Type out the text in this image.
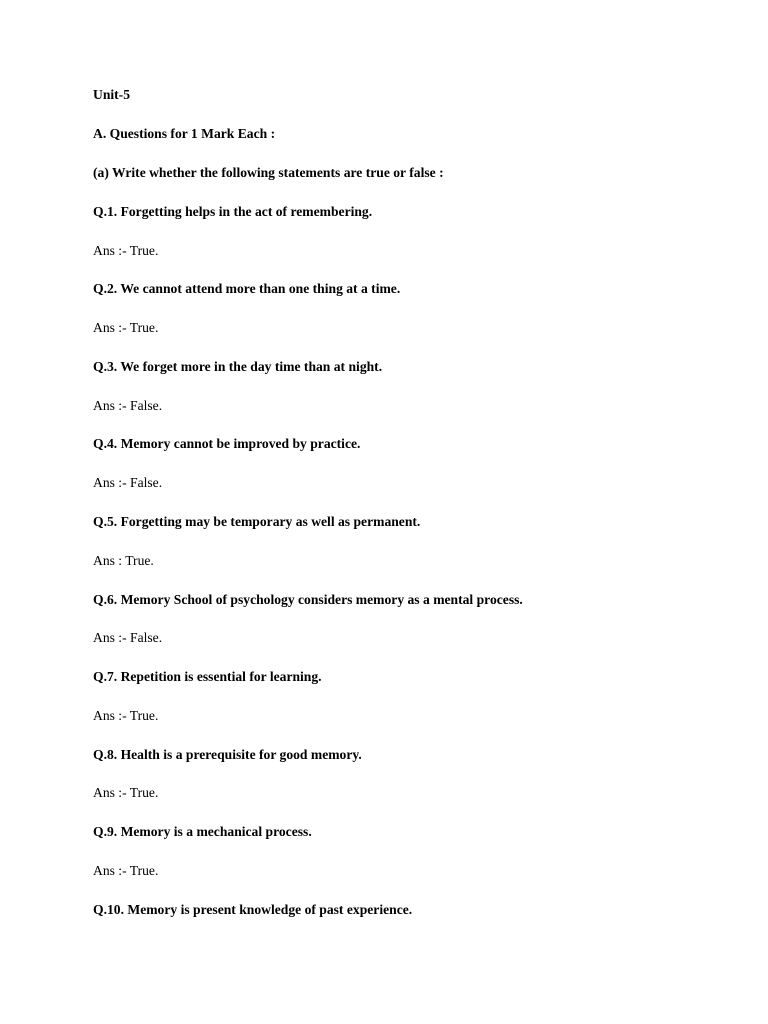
Unit-5
A. Questions for 1 Mark Each :
(a) Write whether the following statements are true or false :
Q.1. Forgetting helps in the act of remembering.
Ans :- True.
Q.2. We cannot attend more than one thing at a time.
Ans :- True.
Q.3. We forget more in the day time than at night.
Ans :- False.
Q.4. Memory cannot be improved by practice.
Ans :- False.
Q.5. Forgetting may be temporary as well as permanent.
Ans : True.
Q.6. Memory School of psychology considers memory as a mental process.
Ans :- False.
Q.7. Repetition is essential for learning.
Ans :- True.
Q.8. Health is a prerequisite for good memory.
Ans :- True.
Q.9. Memory is a mechanical process.
Ans :- True.
Q.10. Memory is present knowledge of past experience.
